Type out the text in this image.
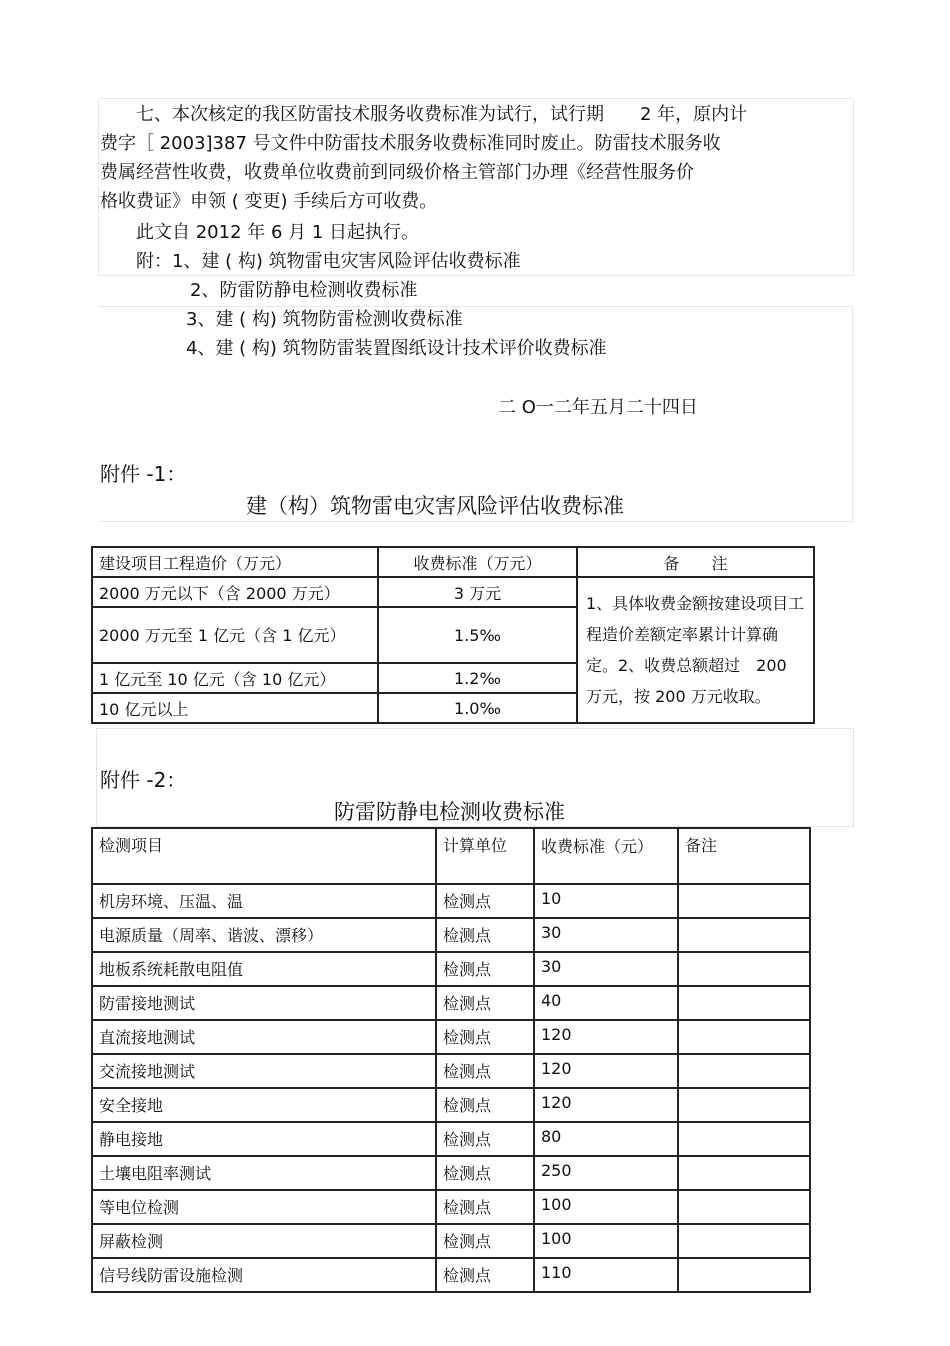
七、本次核定的我区防雷技术服务收费标准为试行，试行期　　2 年，原内计
费字［ 2003]387 号文件中防雷技术服务收费标准同时废止。防雷技术服务收
费属经营性收费，收费单位收费前到同级价格主管部门办理《经营性服务价
格收费证》申领 ( 变更) 手续后方可收费。
此文自 2012 年 6 月 1 日起执行。
附：1、建 ( 构) 筑物雷电灾害风险评估收费标准
2、防雷防静电检测收费标准
3、建 ( 构) 筑物防雷检测收费标准
4、建 ( 构) 筑物防雷装置图纸设计技术评价收费标准
二 O一二年五月二十四日
附件 -1：
建（构）筑物雷电灾害风险评估收费标准
建设项目工程造价（万元）	收费标准（万元）	备　　注
2000 万元以下（含 2000 万元）	3 万元	1、具体收费金额按建设项目工程造价差额定率累计计算确定。2、收费总额超过　200 万元，按 200 万元收取。
2000 万元至 1 亿元（含 1 亿元）	1.5‰	
1 亿元至 10 亿元（含 10 亿元）	1.2‰	
10 亿元以上	1.0‰	
附件 -2：
防雷防静电检测收费标准
检测项目	计算单位	收费标准（元）	备注
机房环境、压温、温	检测点	10	
电源质量（周率、谐波、漂移）	检测点	30	
地板系统耗散电阻值	检测点	30	
防雷接地测试	检测点	40	
直流接地测试	检测点	120	
交流接地测试	检测点	120	
安全接地	检测点	120	
静电接地	检测点	80	
土壤电阻率测试	检测点	250	
等电位检测	检测点	100	
屏蔽检测	检测点	100	
信号线防雷设施检测	检测点	110	
